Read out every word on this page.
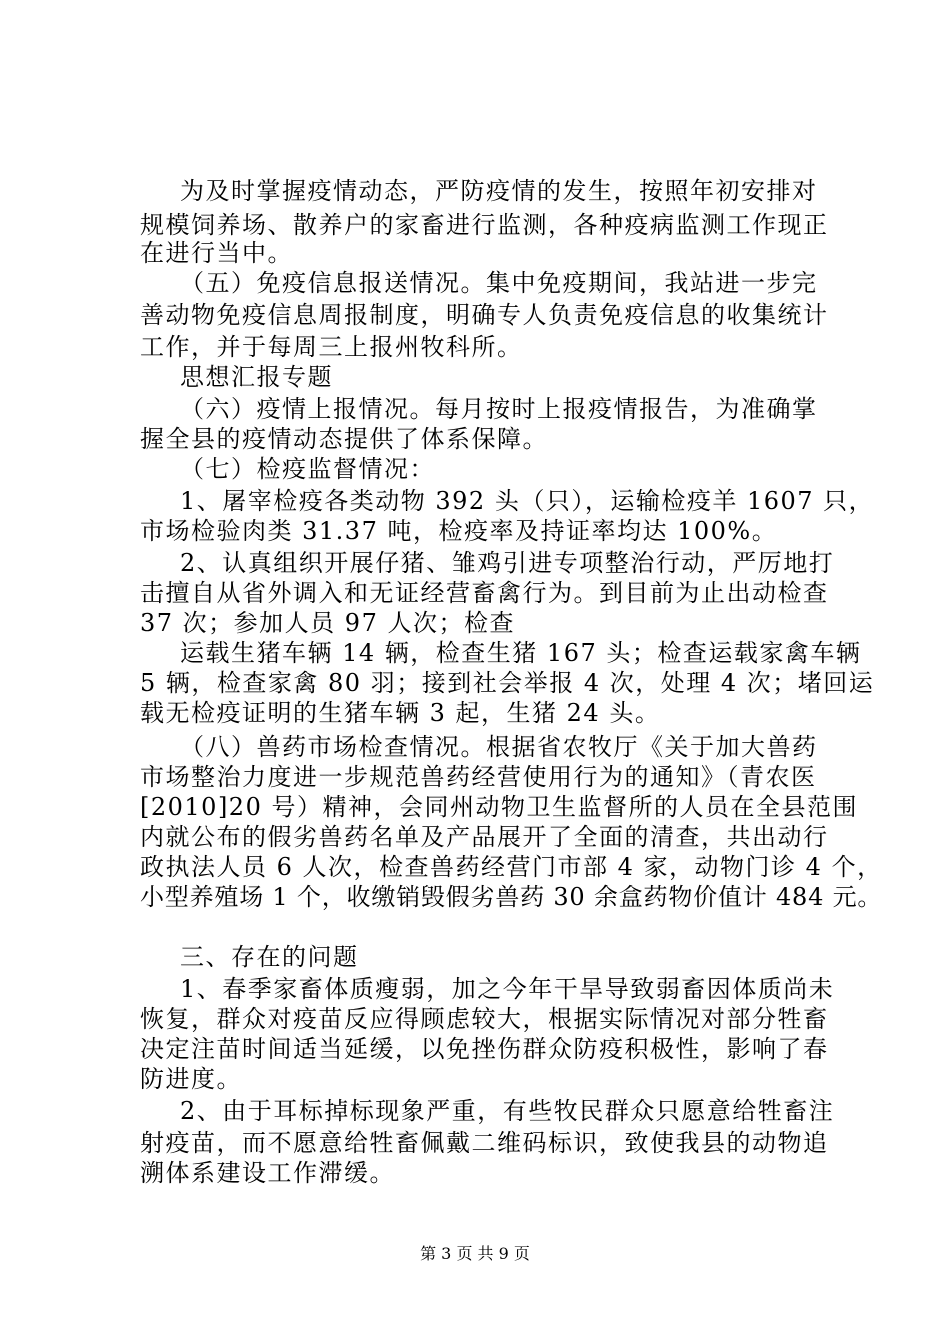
为及时掌握疫情动态，严防疫情的发生，按照年初安排对
规模饲养场、散养户的家畜进行监测，各种疫病监测工作现正
在进行当中。
（五）免疫信息报送情况。集中免疫期间，我站进一步完
善动物免疫信息周报制度，明确专人负责免疫信息的收集统计
工作，并于每周三上报州牧科所。
思想汇报专题
（六）疫情上报情况。每月按时上报疫情报告，为准确掌
握全县的疫情动态提供了体系保障。
（七）检疫监督情况：
1、屠宰检疫各类动物 392 头（只），运输检疫羊 1607 只，
市场检验肉类 31.37 吨，检疫率及持证率均达 100%。
2、认真组织开展仔猪、雏鸡引进专项整治行动，严厉地打
击擅自从省外调入和无证经营畜禽行为。到目前为止出动检查
37 次；参加人员 97 人次；检查
运载生猪车辆 14 辆，检查生猪 167 头；检查运载家禽车辆
5 辆，检查家禽 80 羽；接到社会举报 4 次，处理 4 次；堵回运
载无检疫证明的生猪车辆 3 起，生猪 24 头。
（八）兽药市场检查情况。根据省农牧厅《关于加大兽药
市场整治力度进一步规范兽药经营使用行为的通知》（青农医
[2010]20 号）精神，会同州动物卫生监督所的人员在全县范围
内就公布的假劣兽药名单及产品展开了全面的清查，共出动行
政执法人员 6 人次，检查兽药经营门市部 4 家，动物门诊 4 个，
小型养殖场 1 个，收缴销毁假劣兽药 30 余盒药物价值计 484 元。
三、存在的问题
1、春季家畜体质瘦弱，加之今年干旱导致弱畜因体质尚未
恢复，群众对疫苗反应得顾虑较大，根据实际情况对部分牲畜
决定注苗时间适当延缓，以免挫伤群众防疫积极性，影响了春
防进度。
2、由于耳标掉标现象严重，有些牧民群众只愿意给牲畜注
射疫苗，而不愿意给牲畜佩戴二维码标识，致使我县的动物追
溯体系建设工作滞缓。
第 3 页 共 9 页
